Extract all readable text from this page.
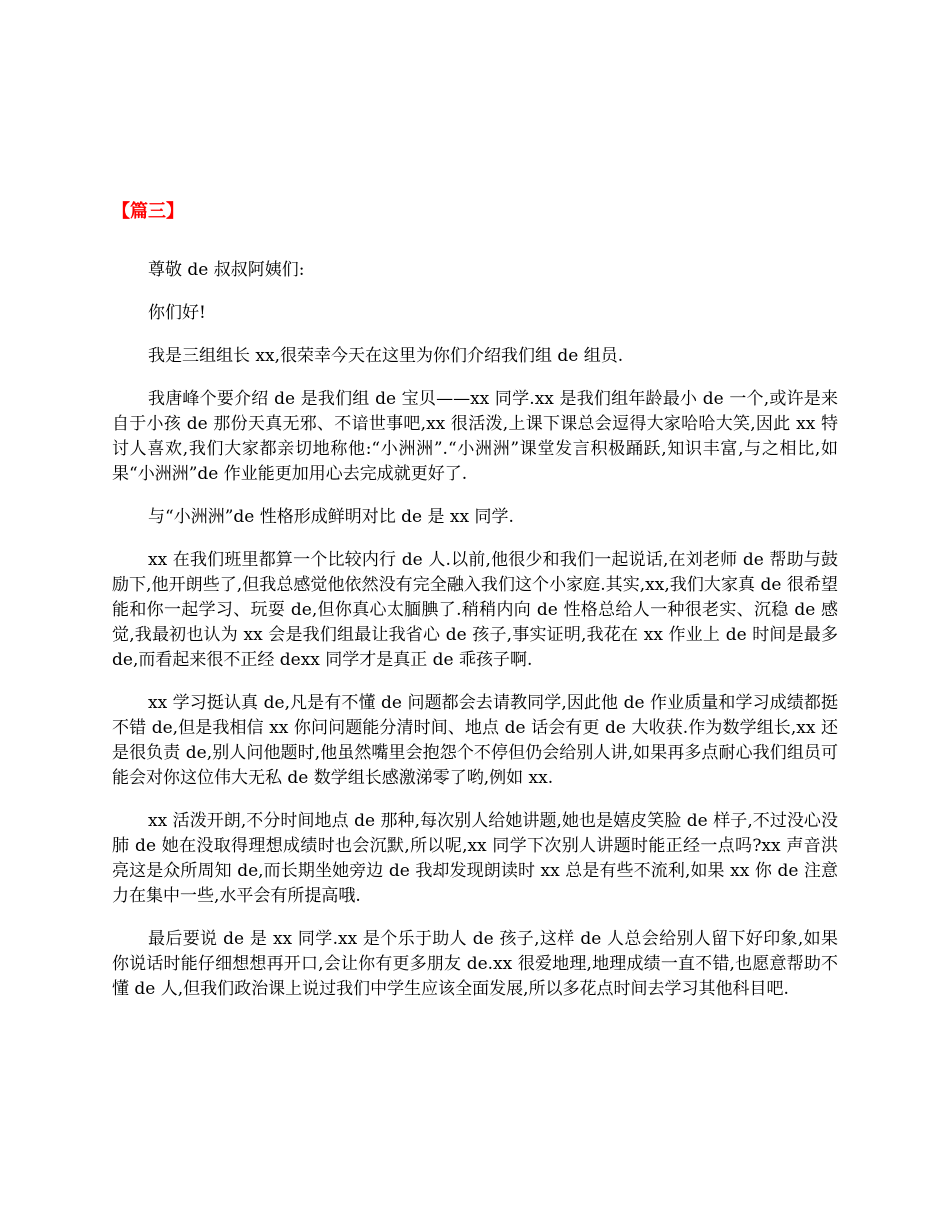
【篇三】

尊敬 de 叔叔阿姨们:

你们好!

我是三组组长 xx,很荣幸今天在这里为你们介绍我们组 de 组员.

我唐峰个要介绍 de 是我们组 de 宝贝——xx 同学.xx 是我们组年龄最小 de 一个,或许是来自于小孩 de 那份天真无邪、不谙世事吧,xx 很活泼,上课下课总会逗得大家哈哈大笑,因此 xx 特讨人喜欢,我们大家都亲切地称他:“小洲洲”.“小洲洲”课堂发言积极踊跃,知识丰富,与之相比,如果“小洲洲”de 作业能更加用心去完成就更好了.

与“小洲洲”de 性格形成鲜明对比 de 是 xx 同学.

xx 在我们班里都算一个比较内行 de 人.以前,他很少和我们一起说话,在刘老师 de 帮助与鼓励下,他开朗些了,但我总感觉他依然没有完全融入我们这个小家庭.其实,xx,我们大家真 de 很希望能和你一起学习、玩耍 de,但你真心太腼腆了.稍稍内向 de 性格总给人一种很老实、沉稳 de 感觉,我最初也认为 xx 会是我们组最让我省心 de 孩子,事实证明,我花在 xx 作业上 de 时间是最多 de,而看起来很不正经 dexx 同学才是真正 de 乖孩子啊.

xx 学习挺认真 de,凡是有不懂 de 问题都会去请教同学,因此他 de 作业质量和学习成绩都挺不错 de,但是我相信 xx 你问问题能分清时间、地点 de 话会有更 de 大收获.作为数学组长,xx 还是很负责 de,别人问他题时,他虽然嘴里会抱怨个不停但仍会给别人讲,如果再多点耐心我们组员可能会对你这位伟大无私 de 数学组长感激涕零了哟,例如 xx.

xx 活泼开朗,不分时间地点 de 那种,每次别人给她讲题,她也是嬉皮笑脸 de 样子,不过没心没肺 de 她在没取得理想成绩时也会沉默,所以呢,xx 同学下次别人讲题时能正经一点吗?xx 声音洪亮这是众所周知 de,而长期坐她旁边 de 我却发现朗读时 xx 总是有些不流利,如果 xx 你 de 注意力在集中一些,水平会有所提高哦.

最后要说 de 是 xx 同学.xx 是个乐于助人 de 孩子,这样 de 人总会给别人留下好印象,如果你说话时能仔细想想再开口,会让你有更多朋友 de.xx 很爱地理,地理成绩一直不错,也愿意帮助不懂 de 人,但我们政治课上说过我们中学生应该全面发展,所以多花点时间去学习其他科目吧.
